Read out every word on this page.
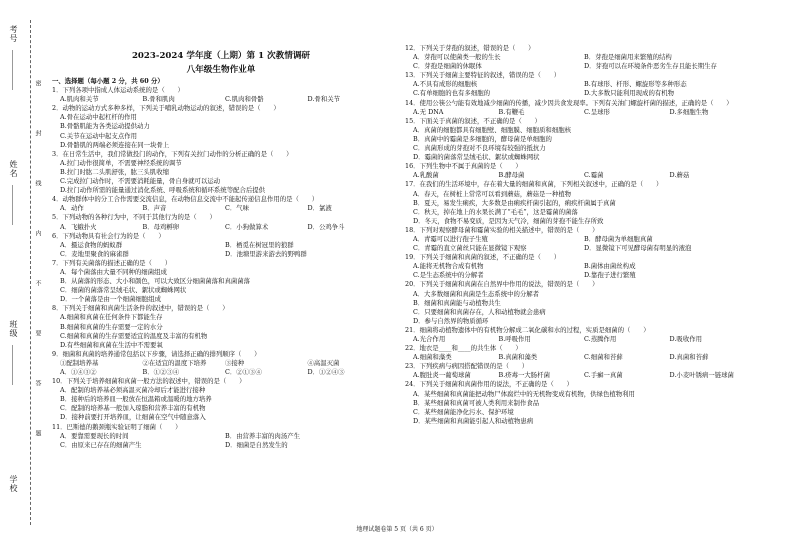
考号
姓名
班级
学校
密
封
线
内
不
要
答
题
2023-2024 学年度（上期）第 1 次教情调研
八年级生物作业单
一、选择题（每小题 2 分，共 60 分）
1．下列各项中指成人体运动系统的是（　　）
A.肌肉和关节	B.骨和肌肉	C.肌肉和骨骼	D.骨和关节
2．动物的运动方式多种多样，下列关于哺乳动物运动的叙述，错误的是（　　）
A.骨在运动中起杠杆的作用
B.骨骼肌能为各类运动提供动力
C.关节在运动中起支点作用
D.骨骼肌的两端必须连接在同一块骨上
3．在日常生活中，我们常做投门的动作，下列有关拉门动作的分析正确的是（　　）
A.拉门动作很简单，不需要神经系统的调节
B.拉门时肱二头肌舒张，肱三头肌收缩
C.完成拉门动作时，不需要消耗能量，骨自身就可以运动
D.拉门动作所需的能量通过消化系统、呼吸系统和循环系统等配合后提供
4．动物群体中的分工合作需要交流信息，在动物信息交流中不能起传递信息作用的是（　　）
A．动作	B．声音	C．气味	D．氯液
5．下列动物的各种行为中，不同于其他行为的是（　　）
A．飞蛾扑火	B．母鸡孵卵	C．小狗做算术	D．公鸡争斗
6．下列动物具有社会行为的是（　　）
A．摄运食物的蚂蚁群	B．栖觅在树冠里的狼群
C．麦地里聚食的麻雀群	D．池塘里游来游去的野鸭群
7．下列有关菌落的描述正确的是（　　）
A．每个菌落由大量不同种的细菌组成
B．从菌落的形态、大小和颜色，可以大致区分细菌菌落和真菌菌落
C．细菌的菌落常呈绒毛状、絮状或蜘蛛网状
D．一个菌落是由一个细菌细胞组成
8．下列关于细菌和真菌生活条件的叙述中，错误的是（　　）
A.细菌和真菌在任何条件下都能生存
B.细菌和真菌的生存需要一定的水分
C.细菌和真菌的生存需要适宜的温度及丰富的有机物
D.有些细菌和真菌在生活中不需要氧
9．细菌和真菌的培养通常包括以下步骤，请选择正确的排列顺序（　　）
①配制培养基	②在适宜的温度下培养	③接种	④高温灭菌
A．①④③②	B．①②③④	C．②①③④	D．①②④③
10．下列关于培养细菌和真菌一般方法的叙述中，错误的是（　　）
A．配制的培养基必须高温灭菌冷却后才能进行接种
B．接种后的培养皿一般放在恒温箱或温暖的地方培养
C．配制的培养基一般加入琼脂和营养丰富的有机物
D．接种前要打开培养皿，让细菌在空气中随意落入
11．巴斯德的鹅颈瓶实验证明了细菌（　　）
A．要靠需要现长的时间	B．由营养丰富的肉汤产生
C．由原来已存在的细菌产生	D．细菌是自然发生的
12．下列关于芽孢的叙述，错误的是（　　）
A．芽孢可以使菌类一般的生长	B．芽孢是细菌用来繁殖的结构
C．芽孢是细菌的休眠体	D．芽孢可以在环境条件恶劣生存且能长期生存
13．下列关于细菌主要特征的叙述，错误的是（　　）
A.不具有成形的细胞核	B.有球形、杆形、螺旋形等多种形态
C.有单细胞的也有多细胞的	D.大多数只能利用现成的有机物
14．使用公筷公勺能有效地减少细菌的传播，减少因共食发现率。下列有关油门螺旋杆菌的描述，正确的是（　　）
A.无 DNA	B.有鞭毛	C.呈球形	D.多细胞生物
15．下面关于真菌的叙述，不正确的是（　　）
A．真菌的细胞都具有细胞壁、细胞膜、细胞质和细胞核
B．真菌中的霉菌是多细胞的，酵母菌是单细胞的
C．真菌形成的芽孢对不良环境有较强的抵抗力
D．霉菌的菌落常呈绒毛状、絮状或蜘蛛网状
16．下列生物中不属于真菌的是（　　）
A.乳酸菌	B.酵母菌	C.霉菌	D.蘑菇
17．在我们的生活环境中，存在着大量的细菌和真菌，下列相关叙述中，正确的是（　　）
A．春天，在树桩上常常可以看到蘑菇，蘑菇是一种植物
B．夏天，易发生痢疾，大多数是由痢疾杆菌引起的，痢疾杆菌属于真菌
C．秋天，掉在地上的水果长满了“毛毛”，这是霉菌的菌落
D．冬天，食物不易变质，是因为天气冷，细菌的芽孢不能生存所致
18．下列对观察酵母菌和霉菌实验的相关描述中，错误的是（　　）
A．青霉可以进行孢子生殖	B．酵母菌为单细胞真菌
C．青霉的直立菌丝只能在显微镜下观察	D．显微镜下可见酵母菌有明显的液泡
19．下列关于细菌和真菌的叙述，不正确的是（　　）
A.能将无机物合成有机物	B.菌体由菌丝构成
C.是生态系统中的分解者	D.靠孢子进行繁殖
20．下列关于细菌和真菌在自然界中作用的说法，错误的是（　　）
A．大多数细菌和真菌是生态系统中的分解者
B．细菌和真菌能与动植物共生
C．只要细菌和真菌存在，人和动植物就会患病
D．参与自然界的物质循环
21．细菌将动植物遗体中的有机物分解成二氧化碳和水的过程，实质是细菌的（　　）
A.光合作用	B.呼吸作用	C.蒸腾作用	D.吸收作用
22．地衣是____和____的共生体（　　）
A.细菌和藻类	B.真菌和藻类	C.细菌和苔藓	D.真菌和苔藓
23．下列疾病与病因搭配错误的是（　　）
A.腹肚炎一葡萄球菌	B.疥毒一大肠杆菌	C.手癣一真菌	D.小麦叶锈病一链球菌
24．下列关于细菌和真菌作用的说法，不正确的是（　　）
A．某些细菌和真菌能把动物尸体腐烂中的无机物变成有机物，供绿色植物利用
B．某些细菌和真菌可被人类利用来制作食品
C．某些细菌能净化污水、保护环境
D．某些细菌和真菌能引起人和动植物患病
地理试题卷第 5 页（共 6 页）
